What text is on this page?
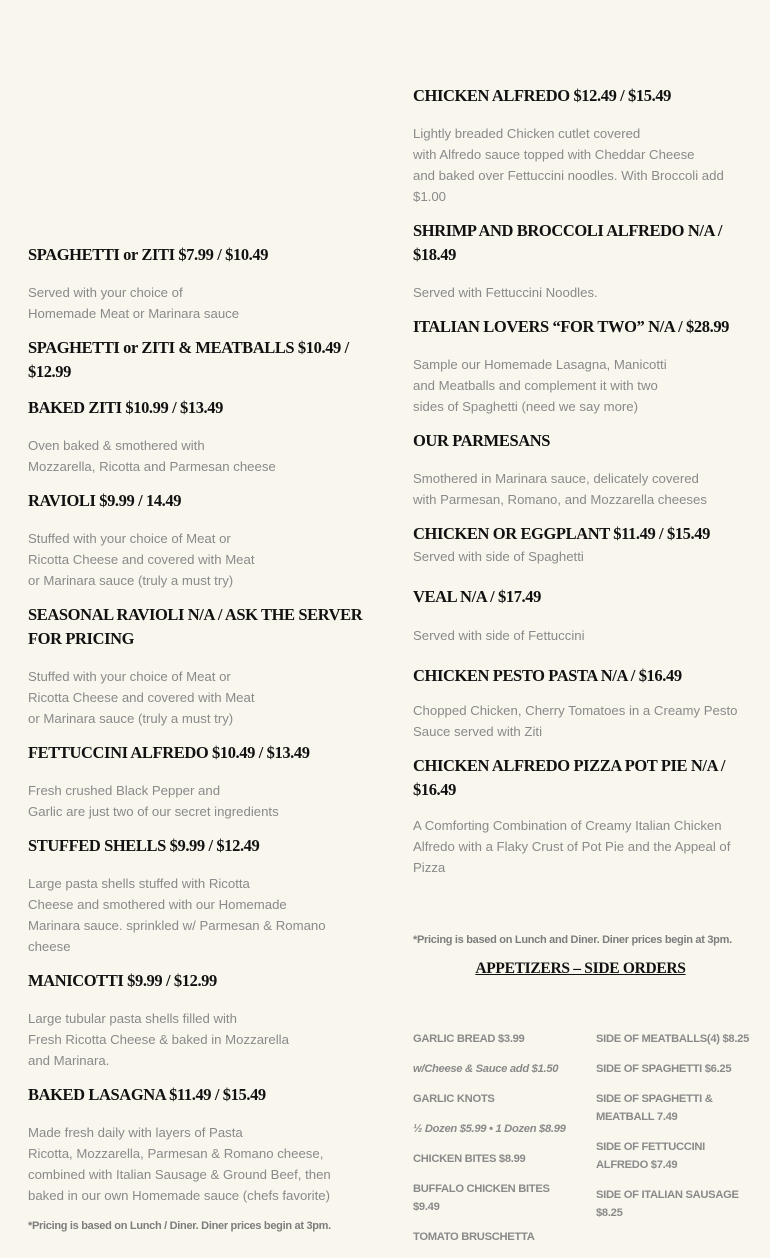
SPAGHETTI or ZITI $7.99 / $10.49

Served with your choice of
Homemade Meat or Marinara sauce

SPAGHETTI or ZITI & MEATBALLS $10.49 / $12.99

BAKED ZITI $10.99 / $13.49

Oven baked & smothered with
Mozzarella, Ricotta and Parmesan cheese

RAVIOLI $9.99 / 14.49

Stuffed with your choice of Meat or
Ricotta Cheese and covered with Meat
or Marinara sauce (truly a must try)

SEASONAL RAVIOLI N/A / ASK THE SERVER FOR PRICING

Stuffed with your choice of Meat or
Ricotta Cheese and covered with Meat
or Marinara sauce (truly a must try)

FETTUCCINI ALFREDO $10.49 / $13.49

Fresh crushed Black Pepper and
Garlic are just two of our secret ingredients

STUFFED SHELLS $9.99 / $12.49

Large pasta shells stuffed with Ricotta
Cheese and smothered with our Homemade
Marinara sauce. sprinkled w/ Parmesan & Romano
cheese

MANICOTTI $9.99 / $12.99

Large tubular pasta shells filled with
Fresh Ricotta Cheese & baked in Mozzarella
and Marinara.

BAKED LASAGNA $11.49 / $15.49

Made fresh daily with layers of Pasta
Ricotta, Mozzarella, Parmesan & Romano cheese,
combined with Italian Sausage & Ground Beef, then
baked in our own Homemade sauce (chefs favorite)

*Pricing is based on Lunch / Diner. Diner prices begin at 3pm.

CHICKEN ALFREDO $12.49 / $15.49

Lightly breaded Chicken cutlet covered
with Alfredo sauce topped with Cheddar Cheese
and baked over Fettuccini noodles. With Broccoli add
$1.00

SHRIMP AND BROCCOLI ALFREDO N/A / $18.49

Served with Fettuccini Noodles.

ITALIAN LOVERS “FOR TWO” N/A / $28.99

Sample our Homemade Lasagna, Manicotti
and Meatballs and complement it with two
sides of Spaghetti (need we say more)

OUR PARMESANS

Smothered in Marinara sauce, delicately covered
with Parmesan, Romano, and Mozzarella cheeses

CHICKEN OR EGGPLANT $11.49 / $15.49

Served with side of Spaghetti

VEAL N/A / $17.49

Served with side of Fettuccini

CHICKEN PESTO PASTA N/A / $16.49

Chopped Chicken, Cherry Tomatoes in a Creamy Pesto
Sauce served with Ziti

CHICKEN ALFREDO PIZZA POT PIE N/A / $16.49

A Comforting Combination of Creamy Italian Chicken
Alfredo with a Flaky Crust of Pot Pie and the Appeal of
Pizza

*Pricing is based on Lunch and Diner. Diner prices begin at 3pm.

APPETIZERS – SIDE ORDERS

GARLIC BREAD $3.99

w/Cheese & Sauce add $1.50

GARLIC KNOTS

½ Dozen $5.99 • 1 Dozen $8.99

CHICKEN BITES $8.99

BUFFALO CHICKEN BITES $9.49

TOMATO BRUSCHETTA

SIDE OF MEATBALLS(4) $8.25

SIDE OF SPAGHETTI $6.25

SIDE OF SPAGHETTI & MEATBALL 7.49

SIDE OF FETTUCCINI ALFREDO $7.49

SIDE OF ITALIAN SAUSAGE $8.25
